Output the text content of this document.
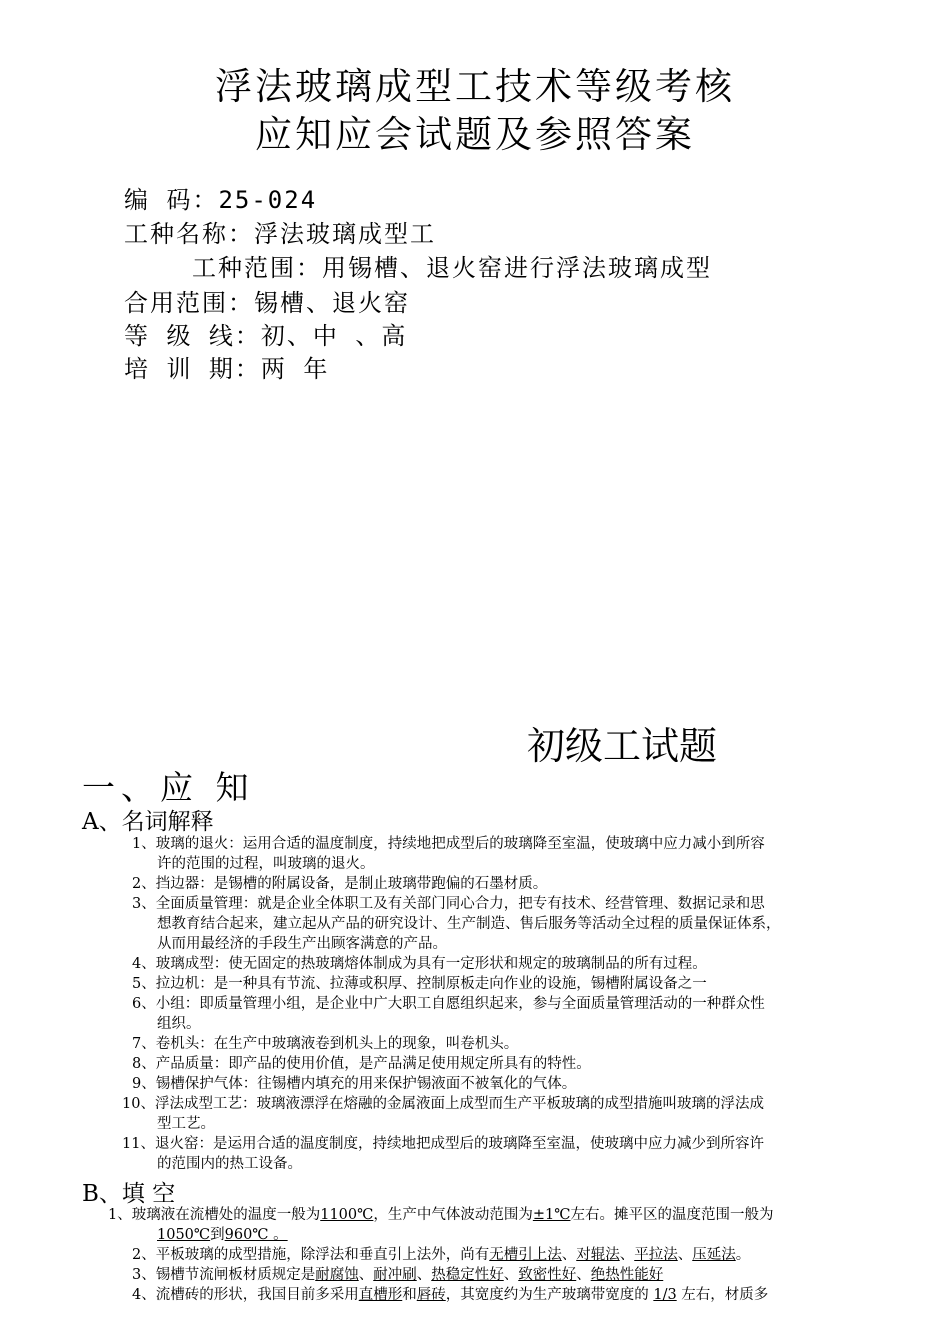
浮法玻璃成型工技术等级考核
应知应会试题及参照答案
编 码：25-024
工种名称：浮法玻璃成型工
工种范围：用锡槽、退火窑进行浮法玻璃成型
合用范围：锡槽、退火窑
等 级 线：初、中 、高
培 训 期：两 年
初级工试题
一、应 知
A、名词解释
1、玻璃的退火：运用合适的温度制度，持续地把成型后的玻璃降至室温，使玻璃中应力减小到所容
许的范围的过程，叫玻璃的退火。
2、挡边器：是锡槽的附属设备，是制止玻璃带跑偏的石墨材质。
3、全面质量管理：就是企业全体职工及有关部门同心合力，把专有技术、经营管理、数据记录和思
想教育结合起来，建立起从产品的研究设计、生产制造、售后服务等活动全过程的质量保证体系，
从而用最经济的手段生产出顾客满意的产品。
4、玻璃成型：使无固定的热玻璃熔体制成为具有一定形状和规定的玻璃制品的所有过程。
5、拉边机：是一种具有节流、拉薄或积厚、控制原板走向作业的设施，锡槽附属设备之一
6、小组：即质量管理小组，是企业中广大职工自愿组织起来，参与全面质量管理活动的一种群众性
组织。
7、卷机头：在生产中玻璃液卷到机头上的现象，叫卷机头。
8、产品质量：即产品的使用价值，是产品满足使用规定所具有的特性。
9、锡槽保护气体：往锡槽内填充的用来保护锡液面不被氧化的气体。
10、浮法成型工艺：玻璃液漂浮在熔融的金属液面上成型而生产平板玻璃的成型措施叫玻璃的浮法成
型工艺。
11、退火窑：是运用合适的温度制度，持续地把成型后的玻璃降至室温，使玻璃中应力减少到所容许
的范围内的热工设备。
B、填 空
1、玻璃液在流槽处的温度一般为1100℃，生产中气体波动范围为±1℃左右。摊平区的温度范围一般为
1050℃到960℃ 。
2、平板玻璃的成型措施，除浮法和垂直引上法外，尚有无槽引上法、对辊法、平拉法、压延法。
3、锡槽节流闸板材质规定是耐腐蚀、耐冲刷、热稳定性好、致密性好、绝热性能好
4、流槽砖的形状，我国目前多采用直槽形和唇砖，其宽度约为生产玻璃带宽度的 1/3 左右，材质多
